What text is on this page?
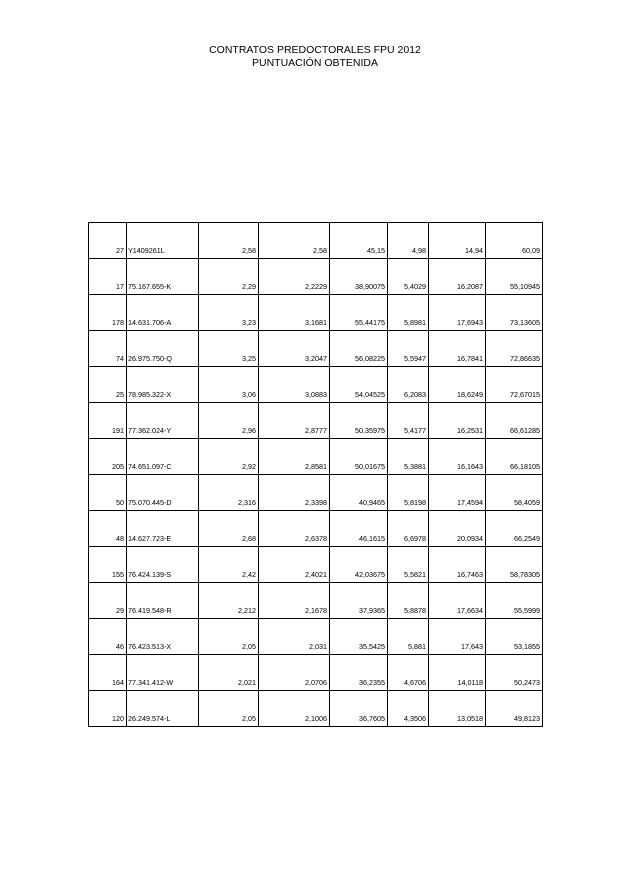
CONTRATOS PREDOCTORALES FPU 2012
PUNTUACIÓN OBTENIDA
27	Y1409261L	2,58	2,58	45,15	4,98	14,94	60,09
17	75.167.655-K	2,29	2,2229	38,90075	5,4029	16,2087	55,10945
178	14.631.706-A	3,23	3,1681	55,44175	5,8981	17,6943	73,13605
74	26.975.750-Q	3,25	3,2047	56,08225	5,5947	16,7841	72,86635
25	78.985.322-X	3,06	3,0883	54,04525	6,2083	18,6249	72,67015
191	77.362.024-Y	2,96	2,8777	50,35975	5,4177	16,2531	66,61285
205	74.651.097-C	2,92	2,8581	50,01675	5,3881	16,1643	66,18105
50	75.070.445-D	2,316	2,3398	40,9465	5,8198	17,4594	58,4059
48	14.627.723-E	2,68	2,6378	46,1615	6,6978	20,0934	66,2549
155	76.424.139-S	2,42	2,4021	42,03675	5,5821	16,7463	58,78305
29	76.419.548-R	2,212	2,1678	37,9365	5,8878	17,6634	55,5999
46	76.423.513-X	2,05	2,031	35,5425	5,881	17,643	53,1855
164	77.341.412-W	2,021	2,0706	36,2355	4,6706	14,0118	50,2473
120	26.249.574-L	2,05	2,1006	36,7605	4,3506	13,0518	49,8123
